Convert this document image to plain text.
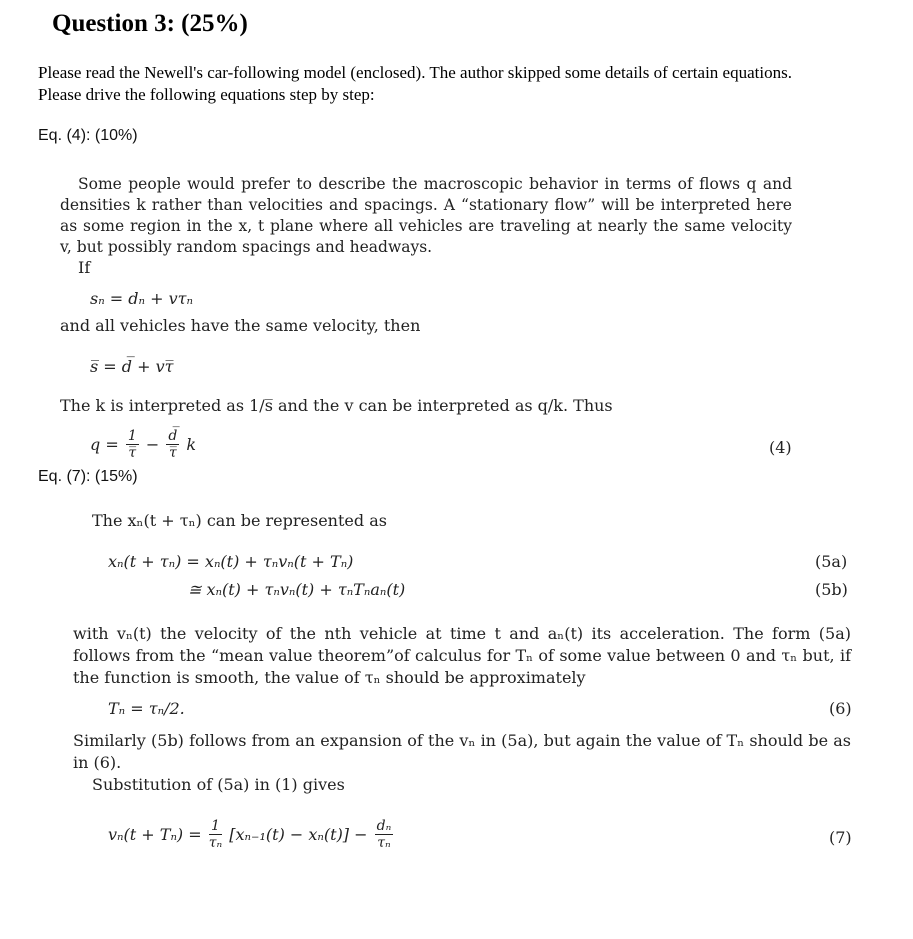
Question 3: (25%)
Please read the Newell's car-following model (enclosed). The author skipped some details of certain equations. Please drive the following equations step by step:
Eq. (4): (10%)
Some people would prefer to describe the macroscopic behavior in terms of flows q and densities k rather than velocities and spacings. A “stationary flow” will be interpreted here as some region in the x, t plane where all vehicles are traveling at nearly the same velocity v, but possibly random spacings and headways.
If
sₙ = dₙ + vτₙ
and all vehicles have the same velocity, then
s̅ = d̅ + vτ̅
The k is interpreted as 1/s̅ and the v can be interpreted as q/k. Thus
$q = \frac{1}{\tau̅} - \frac{d̅}{\tau̅}$ k	(4)
Eq. (7): (15%)
The xₙ(t + τₙ) can be represented as
xₙ(t + τₙ) = xₙ(t) + τₙvₙ(t + Tₙ)	(5a)
≅ xₙ(t) + τₙvₙ(t) + τₙTₙaₙ(t)	(5b)
with vₙ(t) the velocity of the nth vehicle at time t and aₙ(t) its acceleration. The form (5a) follows from the “mean value theorem”of calculus for Tₙ of some value between 0 and τₙ but, if the function is smooth, the value of τₙ should be approximately
Tₙ = τₙ/2.	(6)
Similarly (5b) follows from an expansion of the vₙ in (5a), but again the value of Tₙ should be as in (6).
Substitution of (5a) in (1) gives
$v_n(t + T_n) = \frac{1}{\text{τₙ}} [x_{n-1}(t) - x_n(t)] - \frac{\text{dₙ}}{\text{τₙ}}$	(7)
